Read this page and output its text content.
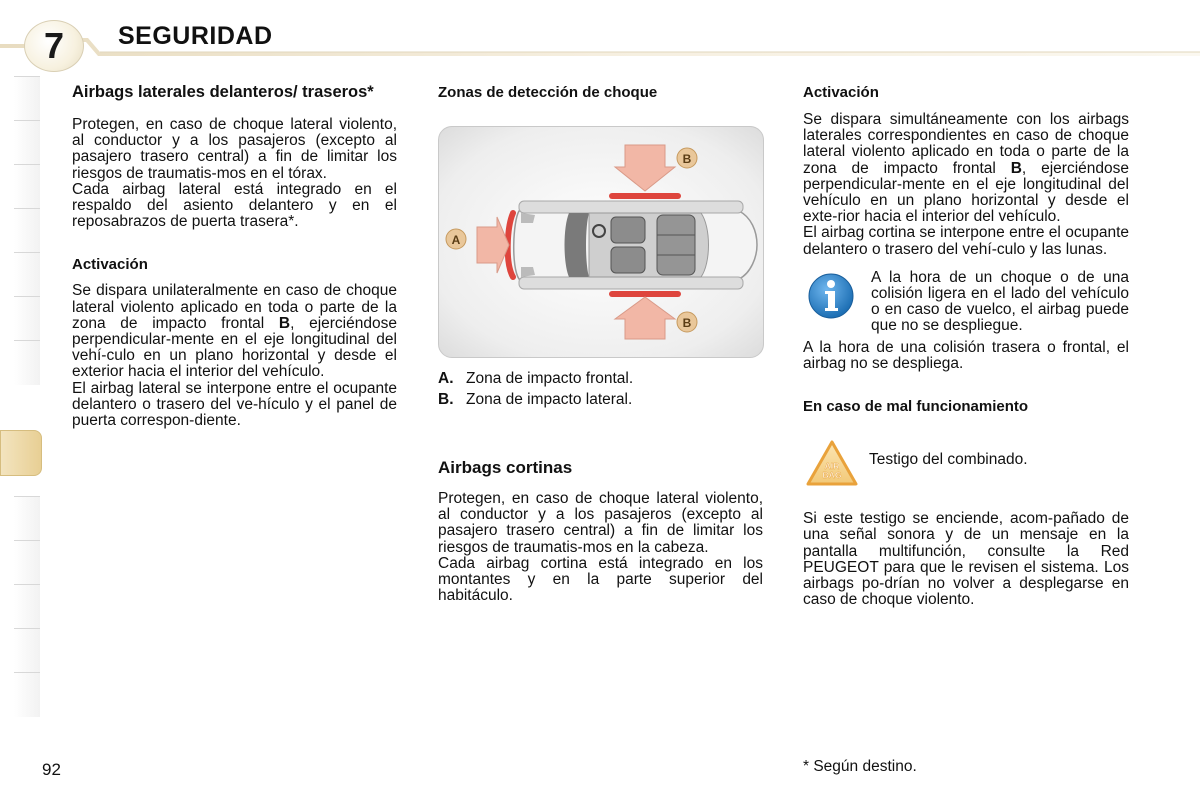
7 SEGURIDAD
Airbags laterales delanteros/ traseros*

Protegen, en caso de choque lateral violento, al conductor y a los pasajeros (excepto al pasajero trasero central) a fin de limitar los riesgos de traumatis-mos en el tórax.

Cada airbag lateral está integrado en el respaldo del asiento delantero y en el reposabrazos de puerta trasera*.

Activación

Se dispara unilateralmente en caso de choque lateral violento aplicado en toda o parte de la zona de impacto frontal B, ejerciéndose perpendicular-mente en el eje longitudinal del vehí-culo en un plano horizontal y desde el exterior hacia el interior del vehículo.

El airbag lateral se interpone entre el ocupante delantero o trasero del ve-hículo y el panel de puerta correspon-diente.

Zonas de detección de choque
A
B
B
A. Zona de impacto frontal.
B. Zona de impacto lateral.
Airbags cortinas

Protegen, en caso de choque lateral violento, al conductor y a los pasajeros (excepto al pasajero trasero central) a fin de limitar los riesgos de traumatis-mos en la cabeza.

Cada airbag cortina está integrado en los montantes y en la parte superior del habitáculo.

Activación

Se dispara simultáneamente con los airbags laterales correspondientes en caso de choque lateral violento aplicado en toda o parte de la zona de impacto frontal B, ejerciéndose perpendicular-mente en el eje longitudinal del vehículo en un plano horizontal y desde el exte-rior hacia el interior del vehículo.

El airbag cortina se interpone entre el ocupante delantero o trasero del vehí-culo y las lunas.

A la hora de un choque o de una colisión ligera en el lado del vehículo o en caso de vuelco, el airbag puede que no se despliegue.

A la hora de una colisión trasera o frontal, el airbag no se despliega.

En caso de mal funcionamiento
AIR
BAG
Testigo del combinado.

Si este testigo se enciende, acom-pañado de una señal sonora y de un mensaje en la pantalla multifunción, consulte la Red PEUGEOT para que le revisen el sistema. Los airbags po-drían no volver a desplegarse en caso de choque violento.

92	* Según destino.
